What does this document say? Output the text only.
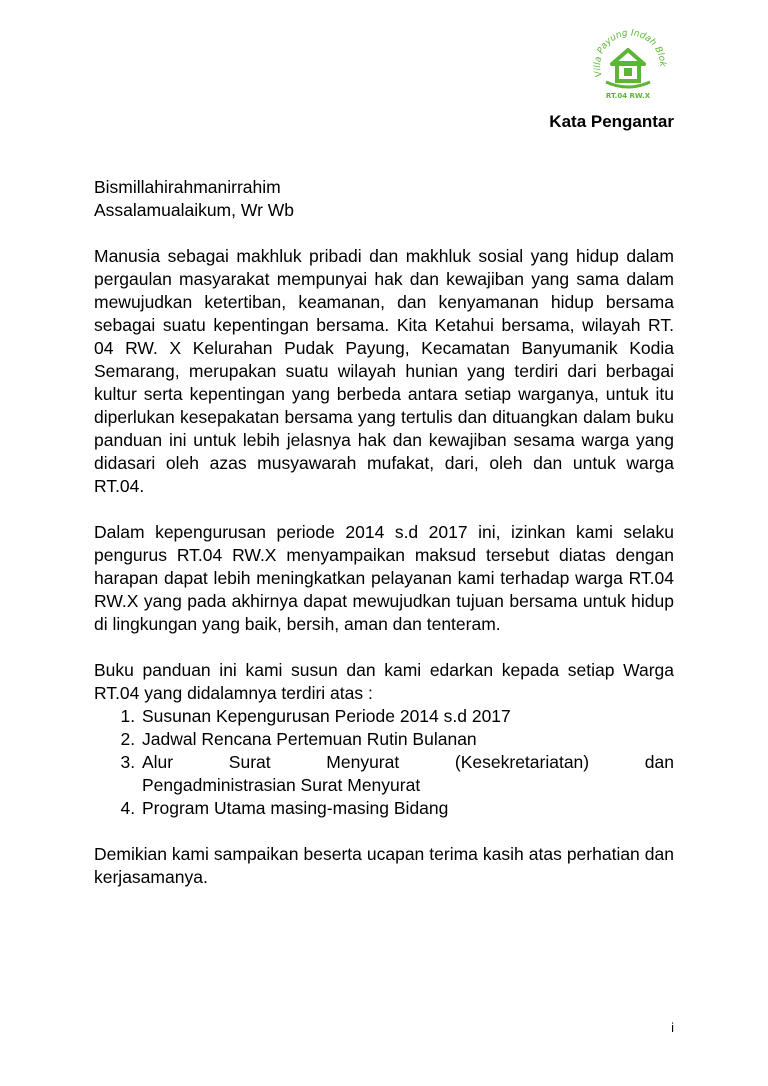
Villa Payung Indah Blok
RT.04 RW.X
Kata Pengantar

Bismillahirahmanirrahim
Assalamualaikum, Wr Wb

Manusia sebagai makhluk pribadi dan makhluk sosial yang hidup dalam pergaulan masyarakat mempunyai hak dan kewajiban yang sama dalam mewujudkan ketertiban, keamanan, dan kenyamanan hidup bersama sebagai suatu kepentingan bersama. Kita Ketahui bersama, wilayah RT. 04 RW. X Kelurahan Pudak Payung, Kecamatan Banyumanik Kodia Semarang, merupakan suatu wilayah hunian yang terdiri dari berbagai kultur serta kepentingan yang berbeda antara setiap warganya, untuk itu diperlukan kesepakatan bersama yang tertulis dan dituangkan dalam buku panduan ini untuk lebih jelasnya hak dan kewajiban sesama warga yang didasari oleh azas musyawarah mufakat, dari, oleh dan untuk warga RT.04.

Dalam kepengurusan periode 2014 s.d 2017 ini, izinkan kami selaku pengurus RT.04 RW.X menyampaikan maksud tersebut diatas dengan harapan dapat lebih meningkatkan pelayanan kami terhadap warga RT.04 RW.X yang pada akhirnya dapat mewujudkan tujuan bersama untuk hidup di lingkungan yang baik, bersih, aman dan tenteram.

Buku panduan ini kami susun dan kami edarkan kepada setiap Warga RT.04 yang didalamnya terdiri atas :

1. Susunan Kepengurusan Periode 2014 s.d 2017
2. Jadwal Rencana Pertemuan Rutin Bulanan
3. Alur Surat Menyurat (Kesekretariatan) dan
Pengadministrasian Surat Menyurat
4. Program Utama masing-masing Bidang

Demikian kami sampaikan beserta ucapan terima kasih atas perhatian dan kerjasamanya.

i
